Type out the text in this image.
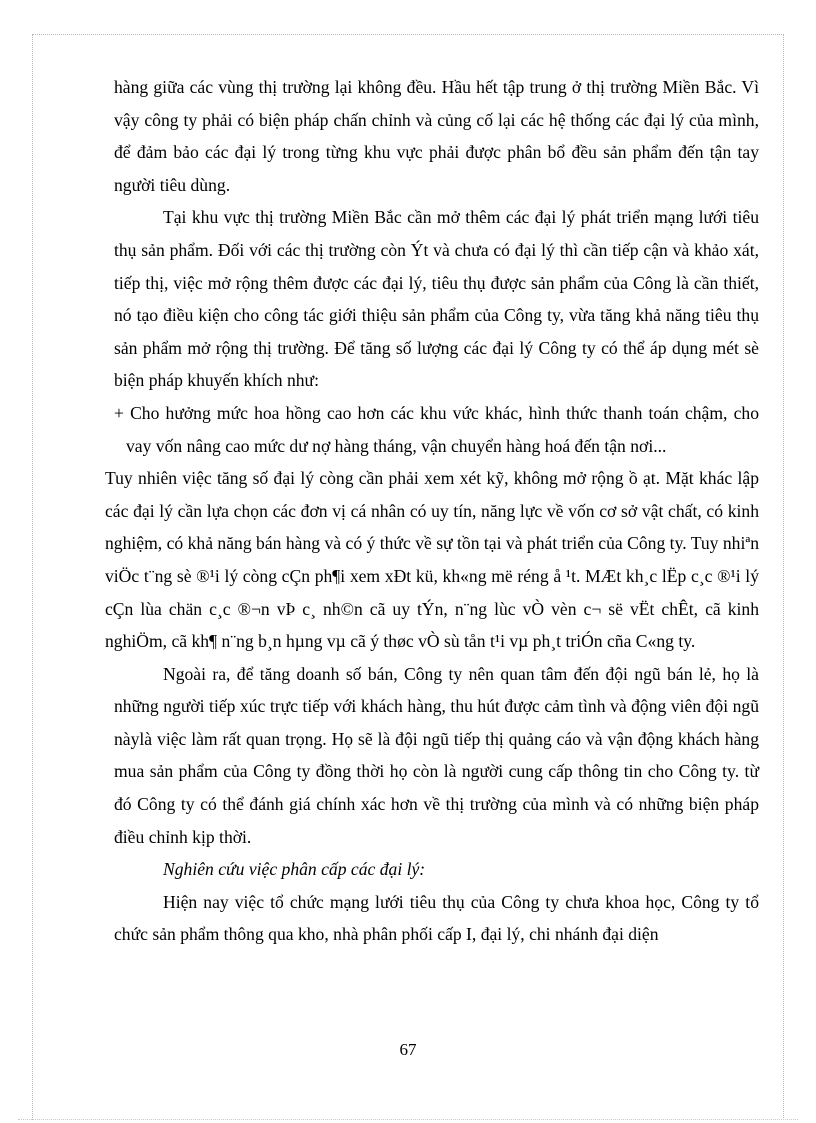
hàng giữa các vùng thị trường lại không đều. Hầu hết tập trung ở thị trường Miền Bắc. Vì vậy công ty phải có biện pháp chấn chỉnh và củng cố lại các hệ thống các đại lý của mình, để đảm bảo các đại lý trong từng khu vực phải được phân bổ đều sản phẩm đến tận tay người tiêu dùng.

Tại khu vực thị trường Miền Bắc cần mở thêm các đại lý phát triển mạng lưới tiêu thụ sản phẩm. Đối với các thị trường còn Ýt và chưa có đại lý thì cần tiếp cận và khảo xát, tiếp thị, việc mở rộng thêm được các đại lý, tiêu thụ được sản phẩm của Công là cần thiết, nó tạo điều kiện cho công tác giới thiệu sản phẩm của Công ty, vừa tăng khả năng tiêu thụ sản phẩm mở rộng thị trường. Để tăng số lượng các đại lý Công ty có thể áp dụng mét sè biện pháp khuyến khích như:

+ Cho hưởng mức hoa hồng cao hơn các khu vức khác, hình thức thanh toán chậm, cho vay vốn nâng cao mức dư nợ hàng tháng, vận chuyển hàng hoá đến tận nơi...

Tuy nhiên việc tăng số đại lý còng cần phải xem xét kỹ, không mở rộng ồ ạt. Mặt khác lập các đại lý cần lựa chọn các đơn vị cá nhân có uy tín, năng lực về vốn cơ sở vật chất, có kinh nghiệm, có khả năng bán hàng và có ý thức về sự tồn tại và phát triển của Công ty. Tuy nhiªn viÖc t¨ng sè ®¹i lý còng cÇn ph¶i xem xÐt kü, kh«ng më réng å ¹t. MÆt kh¸c lËp c¸c ®¹i lý cÇn lùa chän c¸c ®¬n vÞ c¸ nh©n cã uy tÝn, n¨ng lùc vÒ vèn c¬ së vËt chÊt, cã kinh nghiÖm, cã kh¶ n¨ng b¸n hµng vµ cã ý thøc vÒ sù tån t¹i vµ ph¸t triÓn cña C«ng ty.

Ngoài ra, để tăng doanh số bán, Công ty nên quan tâm đến đội ngũ bán lẻ, họ là những người tiếp xúc trực tiếp với khách hàng, thu hút được cảm tình và động viên đội ngũ nàylà việc làm rất quan trọng. Họ sẽ là đội ngũ tiếp thị quảng cáo và vận động khách hàng mua sản phẩm của Công ty đồng thời họ còn là người cung cấp thông tin cho Công ty. từ đó Công ty có thể đánh giá chính xác hơn về thị trường của mình và có những biện pháp điều chỉnh kịp thời.

Nghiên cứu việc phân cấp các đại lý:

Hiện nay việc tổ chức mạng lưới tiêu thụ của Công ty chưa khoa học, Công ty tổ chức sản phẩm thông qua kho, nhà phân phối cấp I, đại lý, chi nhánh đại diện

67
